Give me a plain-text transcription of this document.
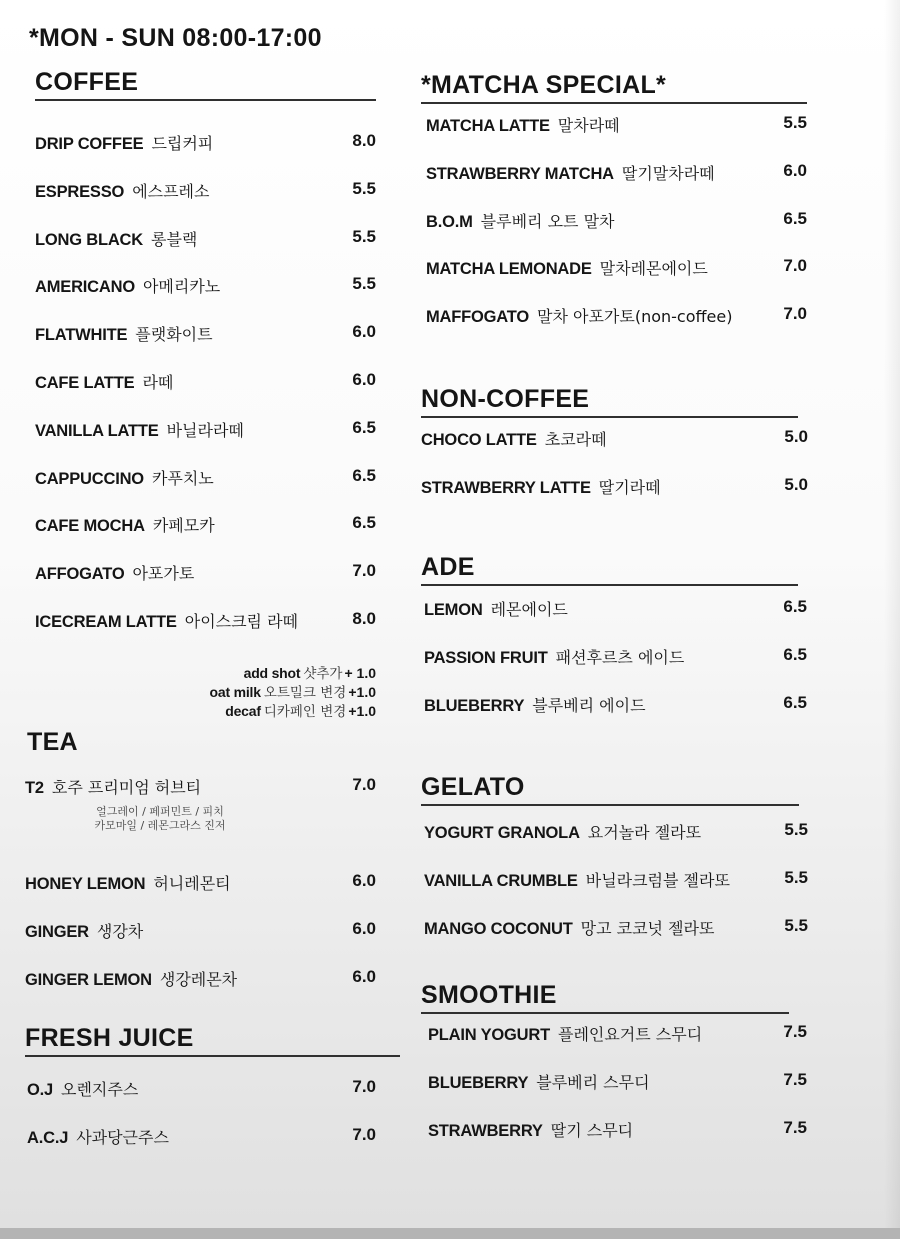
*MON - SUN 08:00-17:00
COFFEE
DRIP COFFEE 드립커피	8.0
ESPRESSO 에스프레소	5.5
LONG BLACK 롱블랙	5.5
AMERICANO 아메리카노	5.5
FLATWHITE 플랫화이트	6.0
CAFE LATTE 라떼	6.0
VANILLA LATTE 바닐라라떼	6.5
CAPPUCCINO 카푸치노	6.5
CAFE MOCHA 카페모카	6.5
AFFOGATO 아포가토	7.0
ICECREAM LATTE 아이스크림 라떼	8.0
add shot 샷추가 + 1.0
oat milk 오트밀크 변경 +1.0
decaf 디카페인 변경 +1.0
TEA
T2 호주 프리미엄 허브티	7.0
얼그레이 / 페퍼민트 / 피치
카모마일 / 레몬그라스 진저
HONEY LEMON 허니레몬티	6.0
GINGER 생강차	6.0
GINGER LEMON 생강레몬차	6.0
FRESH JUICE
O.J 오렌지주스	7.0
A.C.J 사과당근주스	7.0
*MATCHA SPECIAL*
MATCHA LATTE 말차라떼	5.5
STRAWBERRY MATCHA 딸기말차라떼	6.0
B.O.M 블루베리 오트 말차	6.5
MATCHA LEMONADE 말차레몬에이드	7.0
MAFFOGATO 말차 아포가토(non-coffee)	7.0
NON-COFFEE
CHOCO LATTE 초코라떼	5.0
STRAWBERRY LATTE 딸기라떼	5.0
ADE
LEMON 레몬에이드	6.5
PASSION FRUIT 패션후르츠 에이드	6.5
BLUEBERRY 블루베리 에이드	6.5
GELATO
YOGURT GRANOLA 요거놀라 젤라또	5.5
VANILLA CRUMBLE 바닐라크럼블 젤라또	5.5
MANGO COCONUT 망고 코코넛 젤라또	5.5
SMOOTHIE
PLAIN YOGURT 플레인요거트 스무디	7.5
BLUEBERRY 블루베리 스무디	7.5
STRAWBERRY 딸기 스무디	7.5
